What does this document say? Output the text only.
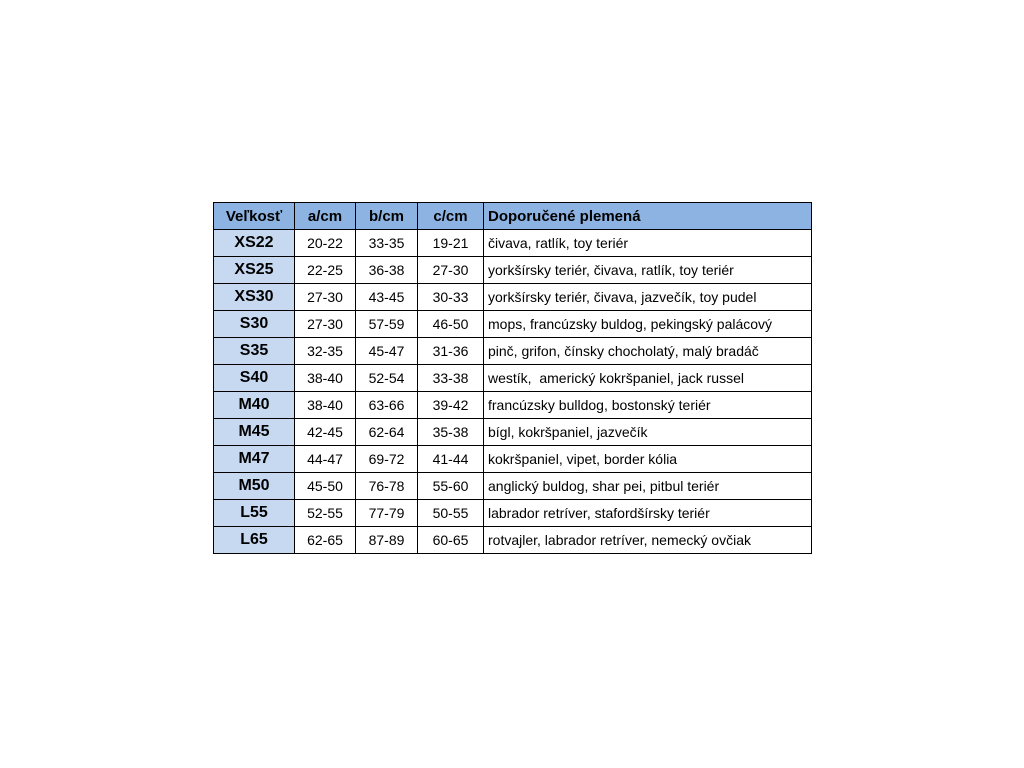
Veľkosť	a/cm	b/cm	c/cm	Doporučené plemená
XS22	20-22	33-35	19-21	čivava, ratlík, toy teriér
XS25	22-25	36-38	27-30	yorkšírsky teriér, čivava, ratlík, toy teriér
XS30	27-30	43-45	30-33	yorkšírsky teriér, čivava, jazvečík, toy pudel
S30	27-30	57-59	46-50	mops, francúzsky buldog, pekingský palácový
S35	32-35	45-47	31-36	pinč, grifon, čínsky chocholatý, malý bradáč
S40	38-40	52-54	33-38	westík,  americký kokršpaniel, jack russel
M40	38-40	63-66	39-42	francúzsky bulldog, bostonský teriér
M45	42-45	62-64	35-38	bígl, kokršpaniel, jazvečík
M47	44-47	69-72	41-44	kokršpaniel, vipet, border kólia
M50	45-50	76-78	55-60	anglický buldog, shar pei, pitbul teriér
L55	52-55	77-79	50-55	labrador retríver, stafordšírsky teriér
L65	62-65	87-89	60-65	rotvajler, labrador retríver, nemecký ovčiak
